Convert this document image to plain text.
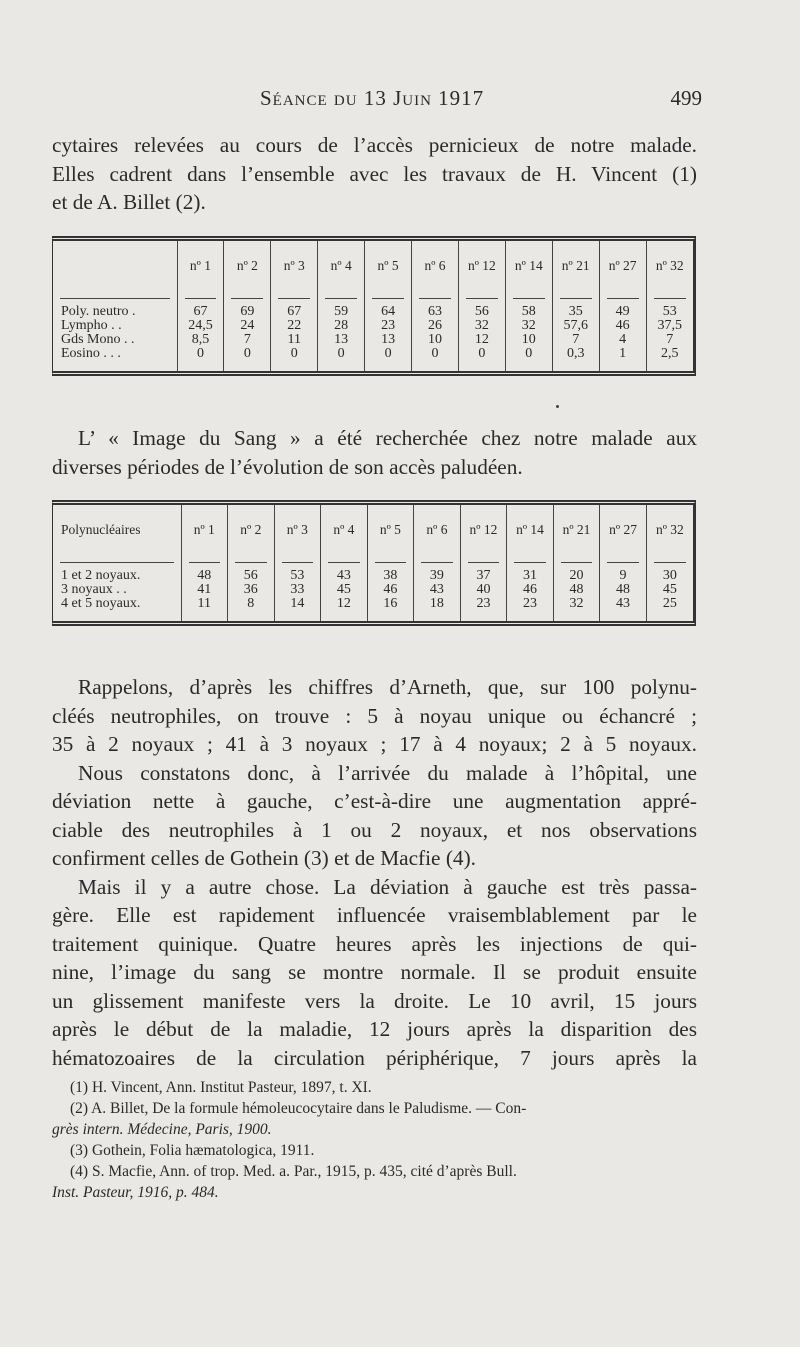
Séance du 13 Juin 1917	499
cytaires relevées au cours de l’accès pernicieux de notre malade.
Elles cadrent dans l’ensemble avec les travaux de H. Vincent (1)
et de A. Billet (2).
	nº 1	nº 2	nº 3	nº 4	nº 5	nº 6	nº 12	nº 14	nº 21	nº 27	nº 32

Poly. neutro .	67	69	67	59	64	63	56	58	35	49	53
Lympho . .	24,5	24	22	28	23	26	32	32	57,6	46	37,5
Gds Mono . .	8,5	7	11	13	13	10	12	10	7	4	7
Eosino . . .	0	0	0	0	0	0	0	0	0,3	1	2,5

L’ « Image du Sang » a été recherchée chez notre malade aux
diverses périodes de l’évolution de son accès paludéen.
Polynucléaires	nº 1	nº 2	nº 3	nº 4	nº 5	nº 6	nº 12	nº 14	nº 21	nº 27	nº 32

1 et 2 noyaux.	48	56	53	43	38	39	37	31	20	9	30
3 noyaux . .	41	36	33	45	46	43	40	46	48	48	45
4 et 5 noyaux.	11	8	14	12	16	18	23	23	32	43	25

Rappelons, d’après les chiffres d’Arneth, que, sur 100 polynu-
cléés neutrophiles, on trouve : 5 à noyau unique ou échancré ;
35 à 2 noyaux ; 41 à 3 noyaux ; 17 à 4 noyaux; 2 à 5 noyaux.
Nous constatons donc, à l’arrivée du malade à l’hôpital, une
déviation nette à gauche, c’est-à-dire une augmentation appré-
ciable des neutrophiles à 1 ou 2 noyaux, et nos observations
confirment celles de Gothein (3) et de Macfie (4).
Mais il y a autre chose. La déviation à gauche est très passa-
gère. Elle est rapidement influencée vraisemblablement par le
traitement quinique. Quatre heures après les injections de qui-
nine, l’image du sang se montre normale. Il se produit ensuite
un glissement manifeste vers la droite. Le 10 avril, 15 jours
après le début de la maladie, 12 jours après la disparition des
hématozoaires de la circulation périphérique, 7 jours après la
(1) H. Vincent, Ann. Institut Pasteur, 1897, t. XI.
(2) A. Billet, De la formule hémoleucocytaire dans le Paludisme. — Con-
grès intern. Médecine, Paris, 1900.
(3) Gothein, Folia hæmatologica, 1911.
(4) S. Macfie, Ann. of trop. Med. a. Par., 1915, p. 435, cité d’après Bull.
Inst. Pasteur, 1916, p. 484.
